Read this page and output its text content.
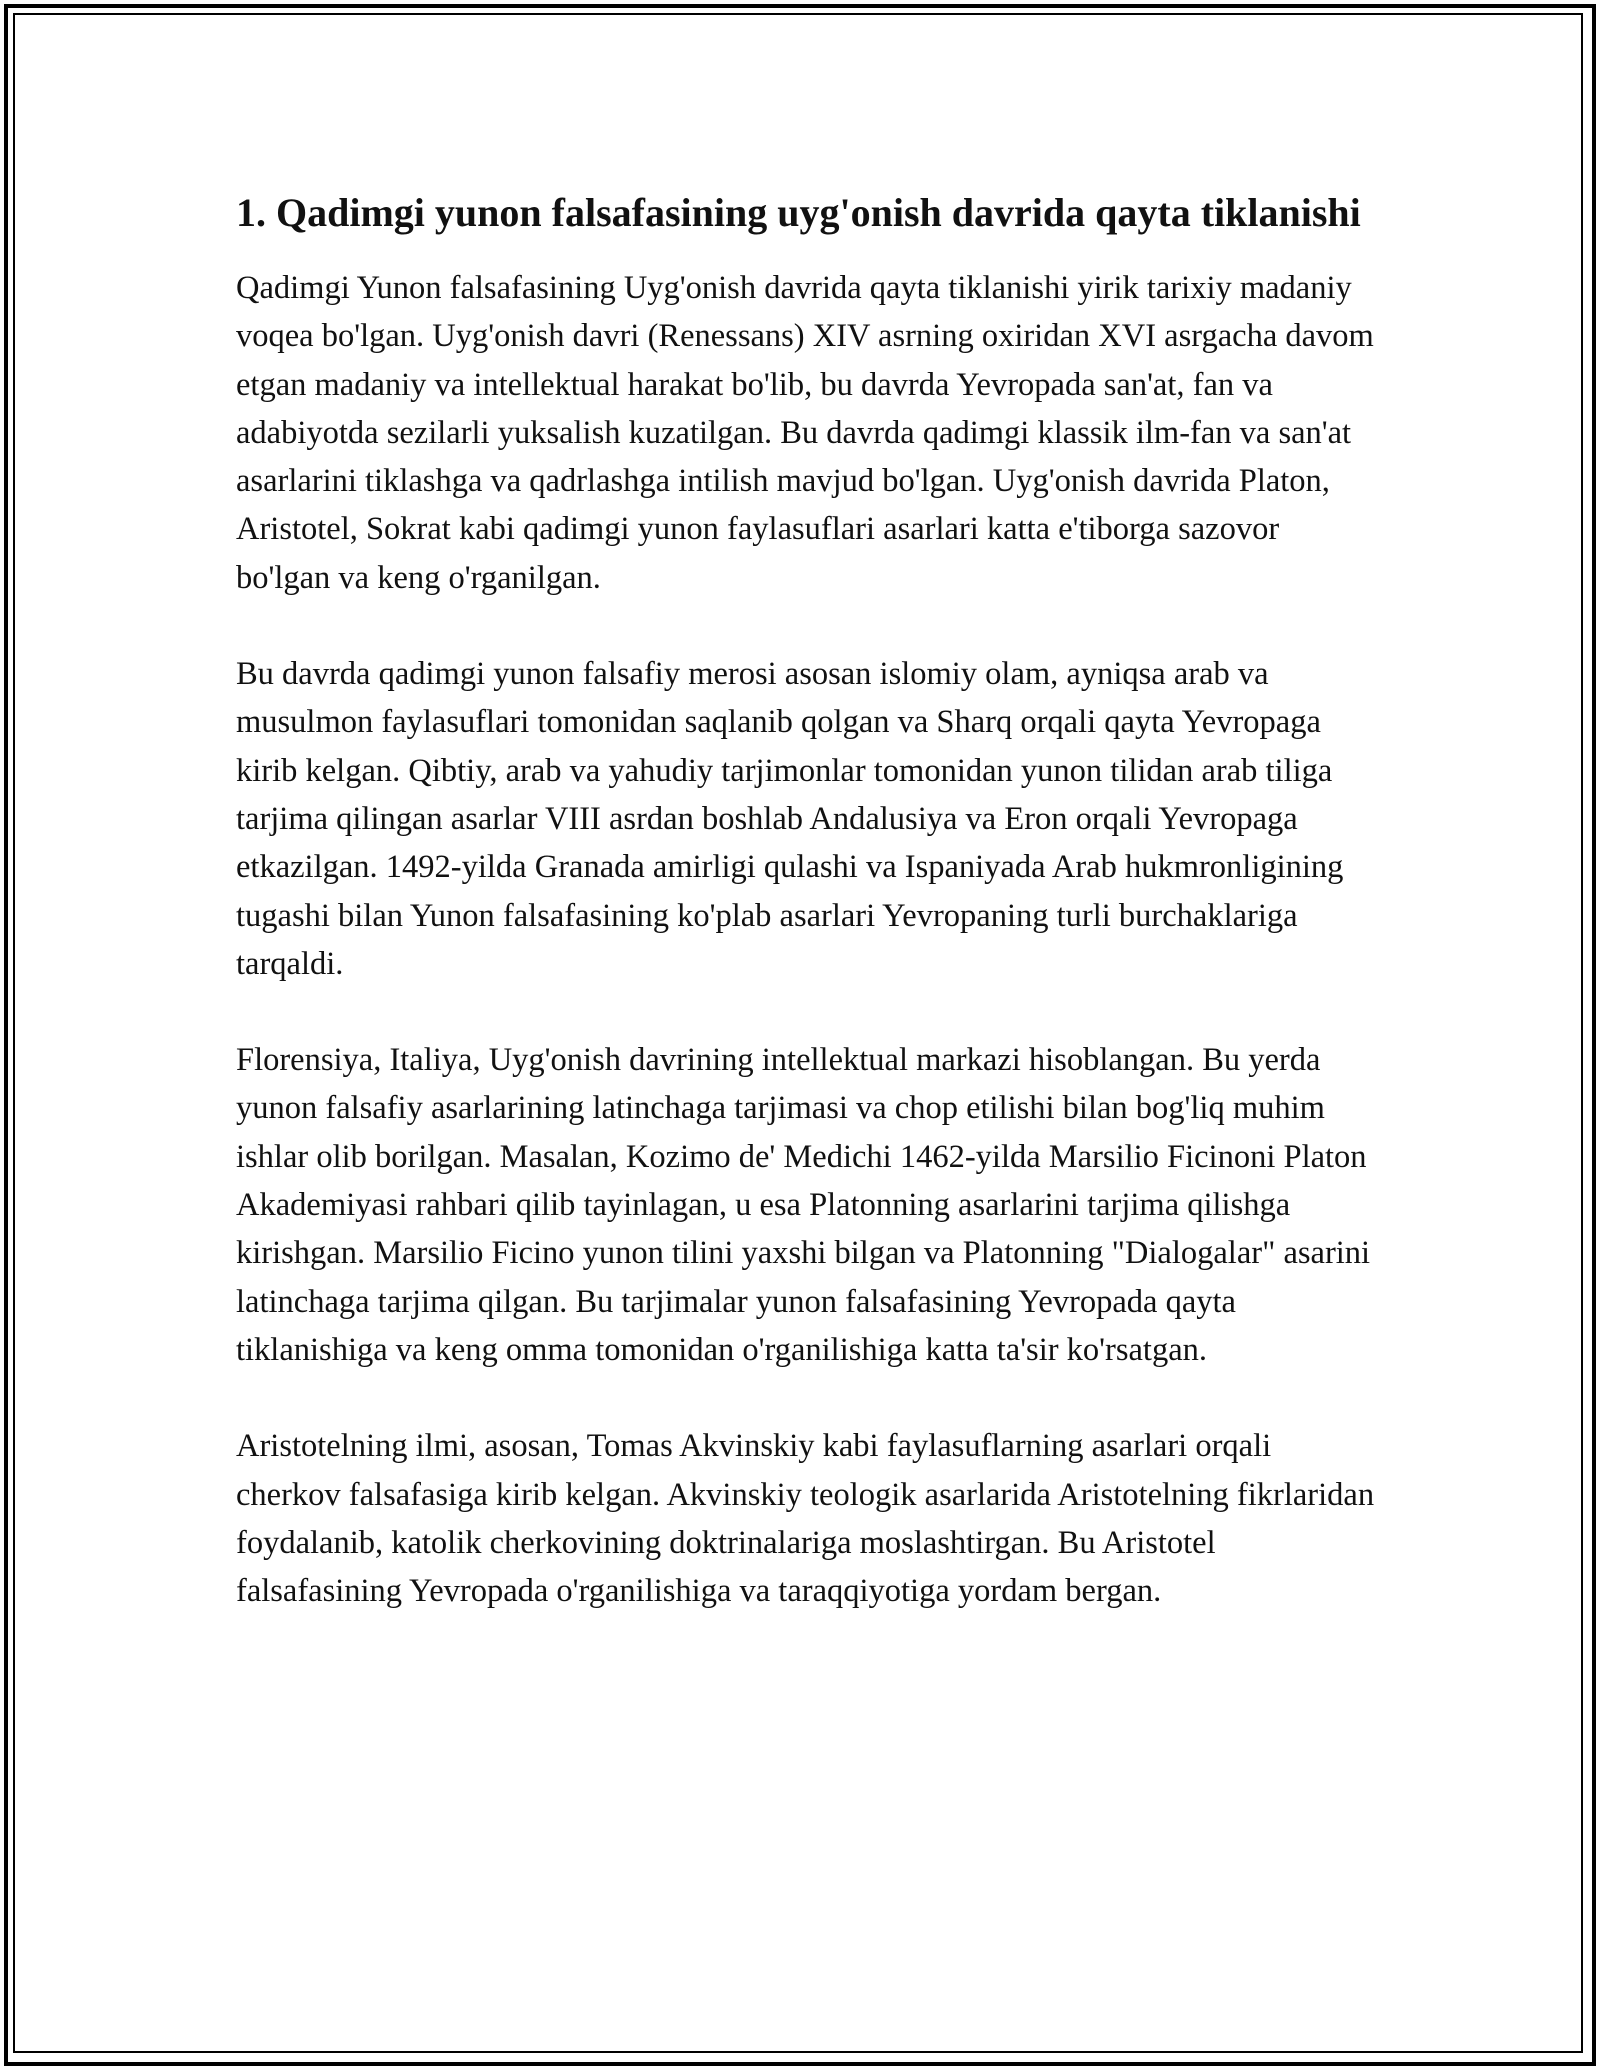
1. Qadimgi yunon falsafasining uyg'onish davrida qayta tiklanishi

Qadimgi Yunon falsafasining Uyg'onish davrida qayta tiklanishi yirik tarixiy madaniy voqea bo'lgan. Uyg'onish davri (Renessans) XIV asrning oxiridan XVI asrgacha davom etgan madaniy va intellektual harakat bo'lib, bu davrda Yevropada san'at, fan va adabiyotda sezilarli yuksalish kuzatilgan. Bu davrda qadimgi klassik ilm-fan va san'at asarlarini tiklashga va qadrlashga intilish mavjud bo'lgan. Uyg'onish davrida Platon, Aristotel, Sokrat kabi qadimgi yunon faylasuflari asarlari katta e'tiborga sazovor bo'lgan va keng o'rganilgan.

Bu davrda qadimgi yunon falsafiy merosi asosan islomiy olam, ayniqsa arab va musulmon faylasuflari tomonidan saqlanib qolgan va Sharq orqali qayta Yevropaga kirib kelgan. Qibtiy, arab va yahudiy tarjimonlar tomonidan yunon tilidan arab tiliga tarjima qilingan asarlar VIII asrdan boshlab Andalusiya va Eron orqali Yevropaga etkazilgan. 1492-yilda Granada amirligi qulashi va Ispaniyada Arab hukmronligining tugashi bilan Yunon falsafasining ko'plab asarlari Yevropaning turli burchaklariga tarqaldi.

Florensiya, Italiya, Uyg'onish davrining intellektual markazi hisoblangan. Bu yerda yunon falsafiy asarlarining latinchaga tarjimasi va chop etilishi bilan bog'liq muhim ishlar olib borilgan. Masalan, Kozimo de' Medichi 1462-yilda Marsilio Ficinoni Platon Akademiyasi rahbari qilib tayinlagan, u esa Platonning asarlarini tarjima qilishga kirishgan. Marsilio Ficino yunon tilini yaxshi bilgan va Platonning "Dialogalar" asarini latinchaga tarjima qilgan. Bu tarjimalar yunon falsafasining Yevropada qayta tiklanishiga va keng omma tomonidan o'rganilishiga katta ta'sir ko'rsatgan.

Aristotelning ilmi, asosan, Tomas Akvinskiy kabi faylasuflarning asarlari orqali cherkov falsafasiga kirib kelgan. Akvinskiy teologik asarlarida Aristotelning fikrlaridan foydalanib, katolik cherkovining doktrinalariga moslashtirgan. Bu Aristotel falsafasining Yevropada o'rganilishiga va taraqqiyotiga yordam bergan.
